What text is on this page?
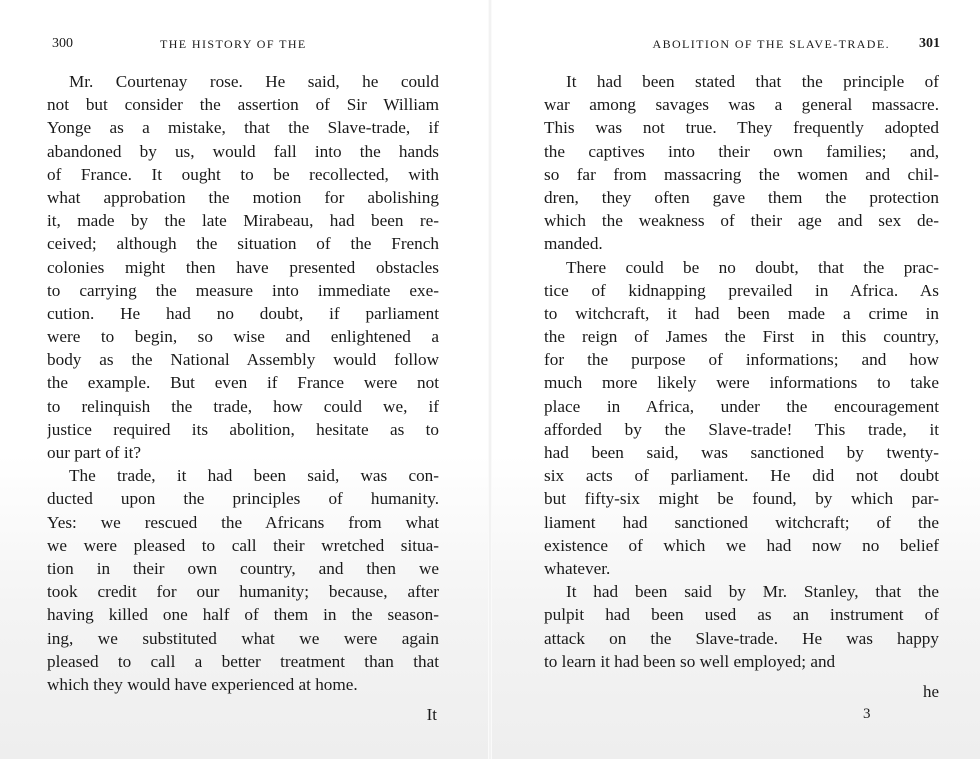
300	THE HISTORY OF THE
Mr. Courtenay rose. He said, he could
not but consider the assertion of Sir William
Yonge as a mistake, that the Slave-trade, if
abandoned by us, would fall into the hands
of France. It ought to be recollected, with
what approbation the motion for abolishing
it, made by the late Mirabeau, had been re-
ceived; although the situation of the French
colonies might then have presented obstacles
to carrying the measure into immediate exe-
cution. He had no doubt, if parliament
were to begin, so wise and enlightened a
body as the National Assembly would follow
the example. But even if France were not
to relinquish the trade, how could we, if
justice required its abolition, hesitate as to
our part of it?
The trade, it had been said, was con-
ducted upon the principles of humanity.
Yes: we rescued the Africans from what
we were pleased to call their wretched situa-
tion in their own country, and then we
took credit for our humanity; because, after
having killed one half of them in the season-
ing, we substituted what we were again
pleased to call a better treatment than that
which they would have experienced at home.
It
ABOLITION OF THE SLAVE-TRADE. 301
It had been stated that the principle of
war among savages was a general massacre.
This was not true. They frequently adopted
the captives into their own families; and,
so far from massacring the women and chil-
dren, they often gave them the protection
which the weakness of their age and sex de-
manded.
There could be no doubt, that the prac-
tice of kidnapping prevailed in Africa. As
to witchcraft, it had been made a crime in
the reign of James the First in this country,
for the purpose of informations; and how
much more likely were informations to take
place in Africa, under the encouragement
afforded by the Slave-trade! This trade, it
had been said, was sanctioned by twenty-
six acts of parliament. He did not doubt
but fifty-six might be found, by which par-
liament had sanctioned witchcraft; of the
existence of which we had now no belief
whatever.
It had been said by Mr. Stanley, that the
pulpit had been used as an instrument of
attack on the Slave-trade. He was happy
to learn it had been so well employed; and
he
3
